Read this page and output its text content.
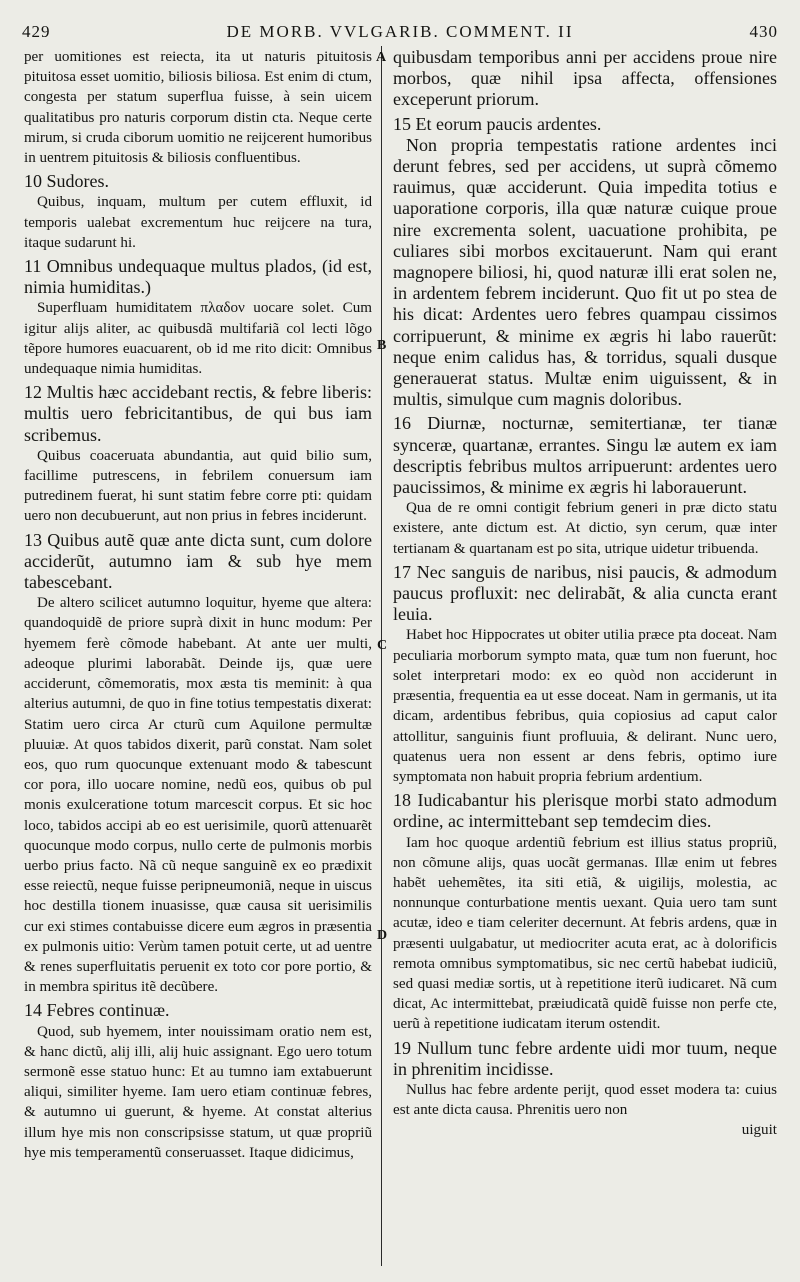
429	DE MORB. VVLGARIB. COMMENT. II	430
A
B
C
D

per uomitiones est reiecta, ita ut naturis pituitosis pituitosa esset uomitio, biliosis biliosa. Est enim di ctum, congesta per statum superflua fuisse, à sein uicem qualitatibus pro naturis corporum distin cta. Neque certe mirum, si cruda ciborum uomitio ne reijcerent humoribus in uentrem pituitosis & biliosis confluentibus.

10 Sudores.

Quibus, inquam, multum per cutem effluxit, id temporis ualebat excrementum huc reijcere na tura, itaque sudarunt hi.

11 Omnibus undequaque multus plados, (id est, nimia humiditas.)

Superfluam humiditatem πλαδον uocare solet. Cum igitur alijs aliter, ac quibusdã multifariã col lecti lõgo tẽpore humores euacuarent, ob id me rito dicit: Omnibus undequaque nimia humiditas.

12 Multis hæc accidebant rectis, & febre liberis: multis uero febricitantibus, de qui bus iam scribemus.

Quibus coaceruata abundantia, aut quid bilio sum, facillime putrescens, in febrilem conuersum iam putredinem fuerat, hi sunt statim febre corre pti: quidam uero non decubuerunt, aut non prius in febres inciderunt.

13 Quibus autẽ quæ ante dicta sunt, cum dolore acciderũt, autumno iam & sub hye mem tabescebant.

De altero scilicet autumno loquitur, hyeme que altera: quandoquidẽ de priore suprà dixit in hunc modum: Per hyemem ferè cõmode habebant. At ante uer multi, adeoque plurimi laborabãt. Deinde ijs, quæ uere acciderunt, cõmemoratis, mox æsta tis meminit: à qua alterius autumni, de quo in fine totius tempestatis dixerat: Statim uero circa Ar cturũ cum Aquilone permultæ pluuiæ. At quos tabidos dixerit, parũ constat. Nam solet eos, quo rum quocunque extenuant modo & tabescunt cor pora, illo uocare nomine, nedũ eos, quibus ob pul monis exulceratione totum marcescit corpus. Et sic hoc loco, tabidos accipi ab eo est uerisimile, quorũ attenuarẽt quocunque modo corpus, nullo certe de pulmonis morbis uerbo prius facto. Nã cũ neque sanguinẽ ex eo prædixit esse reiectũ, neque fuisse peripneumoniã, neque in uiscus hoc destilla tionem inuasisse, quæ causa sit uerisimilis cur exi stimes contabuisse dicere eum ægros in præsentia ex pulmonis uitio: Verùm tamen potuit certe, ut ad uentre & renes superfluitatis peruenit ex toto cor pore portio, & in membra spiritus itẽ decũbere.

14 Febres continuæ.

Quod, sub hyemem, inter nouissimam oratio nem est, & hanc dictũ, alij illi, alij huic assignant. Ego uero totum sermonẽ esse statuo hunc: Et au tumno iam extabuerunt aliqui, similiter hyeme. Iam uero etiam continuæ febres, & autumno ui guerunt, & hyeme. At constat alterius illum hye mis non conscripsisse statum, ut quæ propriũ hye mis temperamentũ conseruasset. Itaque didicimus,

quibusdam temporibus anni per accidens proue nire morbos, quæ nihil ipsa affecta, offensiones exceperunt priorum.

15 Et eorum paucis ardentes.

Non propria tempestatis ratione ardentes inci derunt febres, sed per accidens, ut suprà cõmemo rauimus, quæ acciderunt. Quia impedita totius e uaporatione corporis, illa quæ naturæ cuique proue nire excrementa solent, uacuatione prohibita, pe culiares sibi morbos excitauerunt. Nam qui erant magnopere biliosi, hi, quod naturæ illi erat solen ne, in ardentem febrem inciderunt. Quo fit ut po stea de his dicat: Ardentes uero febres quampau cissimos corripuerunt, & minime ex ægris hi labo rauerũt: neque enim calidus has, & torridus, squali dusque generauerat status. Multæ enim uiguissent, & in multis, simulque cum magnis doloribus.

16 Diurnæ, nocturnæ, semitertianæ, ter tianæ synceræ, quartanæ, errantes. Singu læ autem ex iam descriptis febribus multos arripuerunt: ardentes uero paucissimos, & minime ex ægris hi laborauerunt.

Qua de re omni contigit febrium generi in præ dicto statu existere, ante dictum est. At dictio, syn cerum, quæ inter tertianam & quartanam est po sita, utrique uidetur tribuenda.

17 Nec sanguis de naribus, nisi paucis, & admodum paucus profluxit: nec delirabãt, & alia cuncta erant leuia.

Habet hoc Hippocrates ut obiter utilia præce pta doceat. Nam peculiaria morborum sympto mata, quæ tum non fuerunt, hoc solet interpretari modo: ex eo quòd non acciderunt in præsentia, frequentia ea ut esse doceat. Nam in germanis, ut ita dicam, ardentibus febribus, quia copiosius ad caput calor attollitur, sanguinis fiunt profluuia, & delirant. Nunc uero, quatenus uera non essent ar dens febris, optimo iure symptomata non habuit propria febrium ardentium.

18 Iudicabantur his plerisque morbi stato admodum ordine, ac intermittebant sep temdecim dies.

Iam hoc quoque ardentiũ febrium est illius status propriũ, non cõmune alijs, quas uocãt germanas. Illæ enim ut febres habẽt uehemẽtes, ita siti etiã, & uigilijs, molestia, ac nonnunque conturbatione mentis uexant. Quia uero tam sunt acutæ, ideo e tiam celeriter decernunt. At febris ardens, quæ in præsenti uulgabatur, ut mediocriter acuta erat, ac à dolorificis remota omnibus symptomatibus, sic nec certũ habebat iudiciũ, sed quasi mediæ sortis, ut à repetitione iterũ iudicaret. Nã cum dicat, Ac intermittebat, præiudicatã quidẽ fuisse non perfe cte, uerũ à repetitione iudicatam iterum ostendit.

19 Nullum tunc febre ardente uidi mor tuum, neque in phrenitim incidisse.

Nullus hac febre ardente perijt, quod esset modera ta: cuius est ante dicta causa. Phrenitis uero non

uiguit
